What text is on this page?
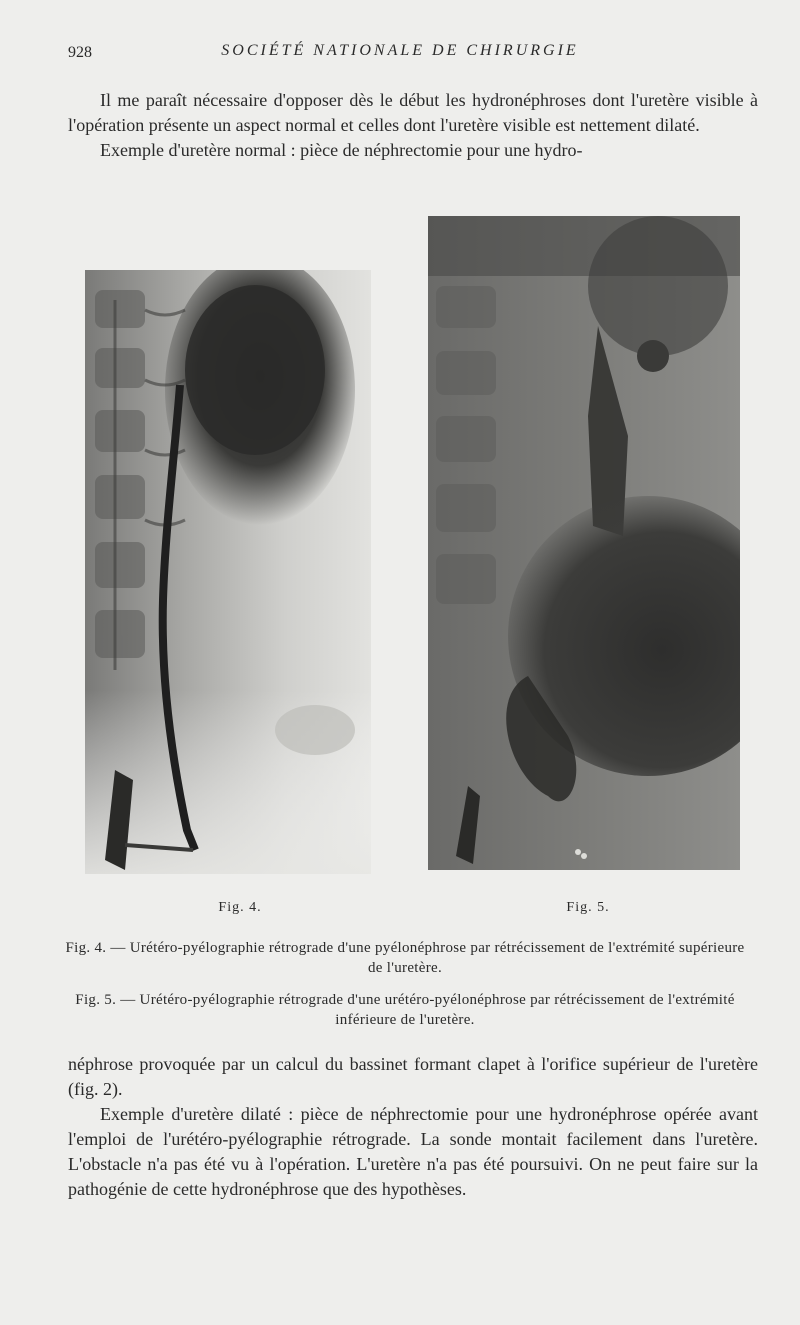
928	SOCIÉTÉ NATIONALE DE CHIRURGIE

Il me paraît nécessaire d'opposer dès le début les hydronéphroses dont l'uretère visible à l'opération présente un aspect normal et celles dont l'uretère visible est nettement dilaté.

Exemple d'uretère normal : pièce de néphrectomie pour une hydro-

Fig. 4.	Fig. 5.

Fig. 4. — Urétéro-pyélographie rétrograde d'une pyélonéphrose par rétrécissement de l'extrémité supérieure de l'uretère.

Fig. 5. — Urétéro-pyélographie rétrograde d'une urétéro-pyélonéphrose par rétrécissement de l'extrémité inférieure de l'uretère.

néphrose provoquée par un calcul du bassinet formant clapet à l'orifice supérieur de l'uretère (fig. 2).

Exemple d'uretère dilaté : pièce de néphrectomie pour une hydronéphrose opérée avant l'emploi de l'urétéro-pyélographie rétrograde. La sonde montait facilement dans l'uretère. L'obstacle n'a pas été vu à l'opération. L'uretère n'a pas été poursuivi. On ne peut faire sur la pathogénie de cette hydronéphrose que des hypothèses.
